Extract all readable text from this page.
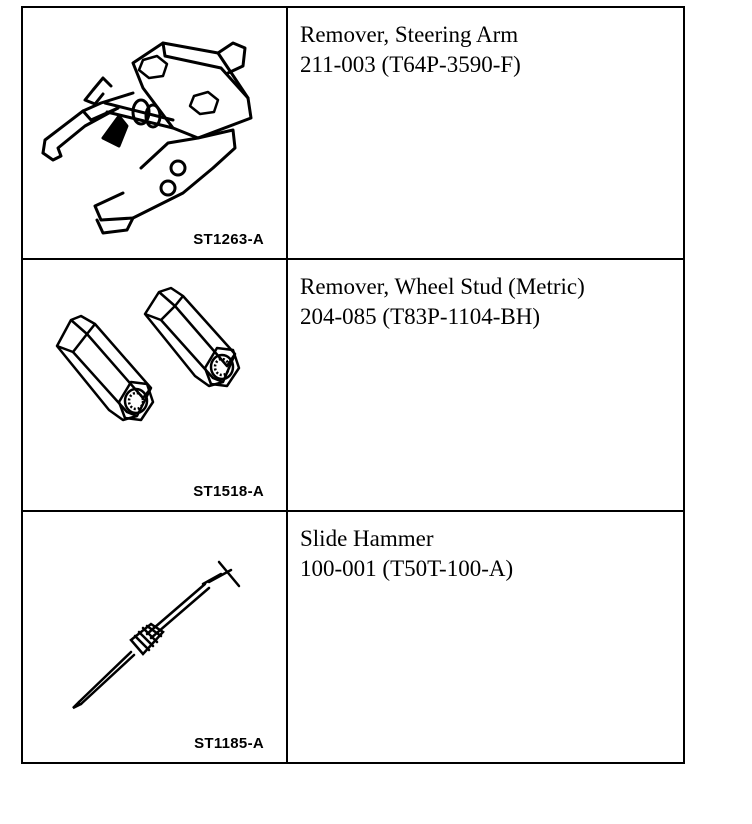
ST1263-A	Remover, Steering Arm
211-003 (T64P-3590-F)

ST1518-A	Remover, Wheel Stud (Metric)
204-085 (T83P-1104-BH)

ST1185-A	Slide Hammer
100-001 (T50T-100-A)
